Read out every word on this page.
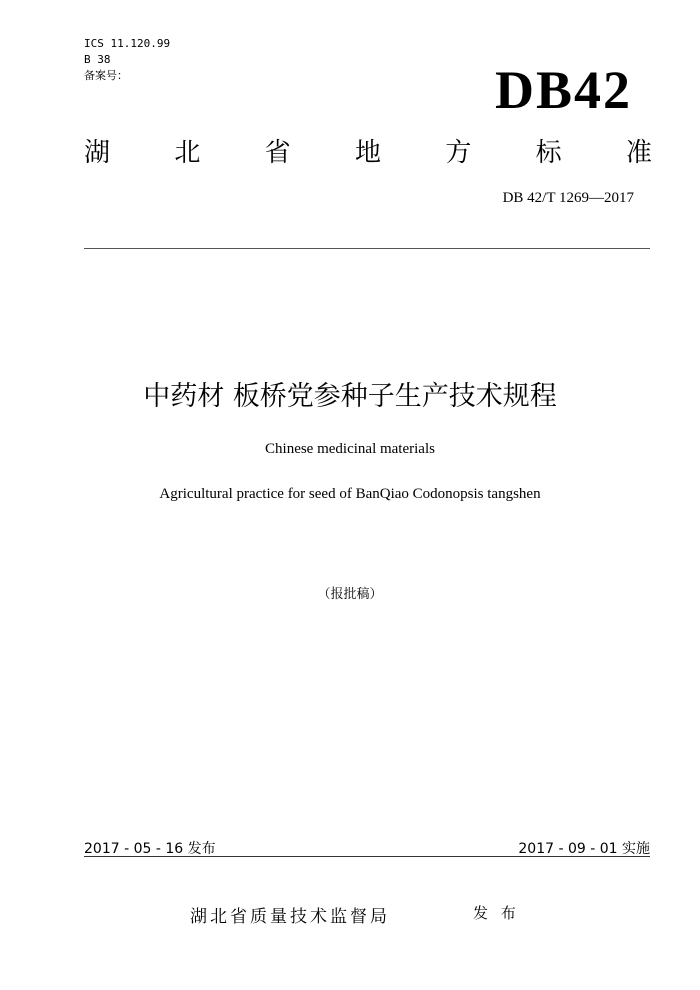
ICS 11.120.99
B 38
备案号：	DB42
湖 北 省 地 方 标 准
DB 42/T 1269—2017
中药材 板桥党参种子生产技术规程
Chinese medicinal materials
Agricultural practice for seed of BanQiao Codonopsis tangshen
（报批稿）
2017 - 05 - 16 发布	2017 - 09 - 01 实施
湖北省质量技术监督局	发 布
